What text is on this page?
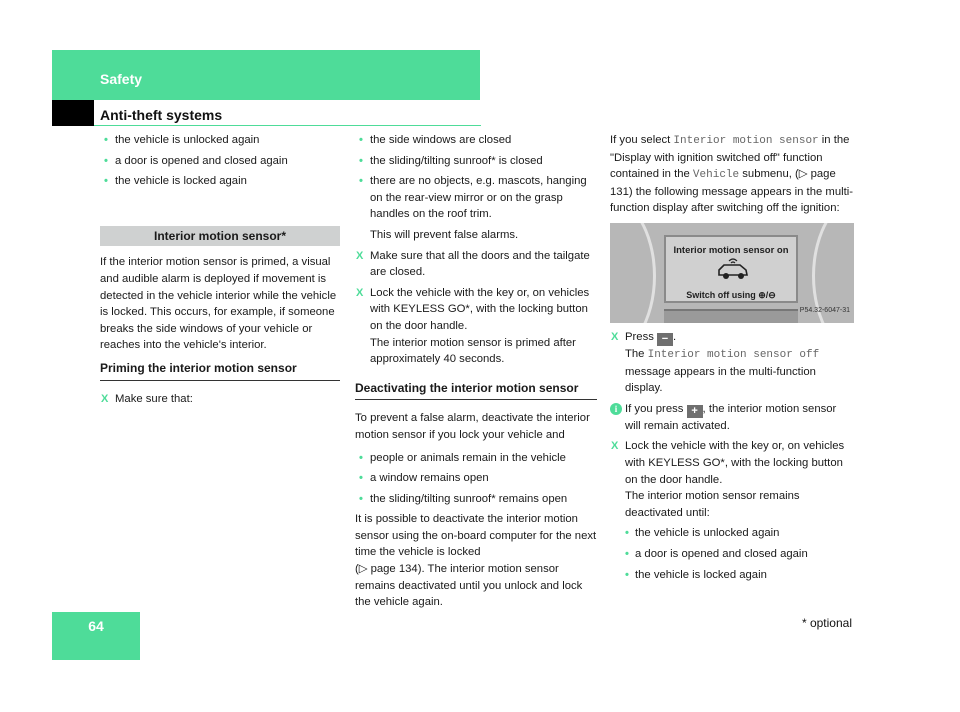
Safety
Anti-theft systems
• the vehicle is unlocked again
• a door is opened and closed again
• the vehicle is locked again
Interior motion sensor*
If the interior motion sensor is primed, a visual and audible alarm is deployed if movement is detected in the vehicle interior while the vehicle is locked. This occurs, for example, if someone breaks the side windows of your vehicle or reaches into the vehicle's interior.
Priming the interior motion sensor
X Make sure that:
• the side windows are closed
• the sliding/tilting sunroof* is closed
• there are no objects, e.g. mascots, hanging on the rear-view mirror or on the grasp handles on the roof trim.
This will prevent false alarms.
X Make sure that all the doors and the tailgate are closed.
X Lock the vehicle with the key or, on vehicles with KEYLESS GO*, with the locking button on the door handle.
The interior motion sensor is primed after approximately 40 seconds.
Deactivating the interior motion sensor
To prevent a false alarm, deactivate the interior motion sensor if you lock your vehicle and
• people or animals remain in the vehicle
• a window remains open
• the sliding/tilting sunroof* remains open
It is possible to deactivate the interior motion sensor using the on-board computer for the next time the vehicle is locked
(▷ page 134). The interior motion sensor remains deactivated until you unlock and lock the vehicle again.
If you select Interior motion sensor in the "Display with ignition switched off" function contained in the Vehicle submenu, (▷ page 131) the following message appears in the multi-function display after switching off the ignition:
Interior motion sensor on
Switch off using ⊕/⊖
P54.32-6047-31
X Press − .
The Interior motion sensor off message appears in the multi-function display.
i If you press + , the interior motion sensor will remain activated.
X Lock the vehicle with the key or, on vehicles with KEYLESS GO*, with the locking button on the door handle.
The interior motion sensor remains deactivated until:
• the vehicle is unlocked again
• a door is opened and closed again
• the vehicle is locked again
64	* optional
